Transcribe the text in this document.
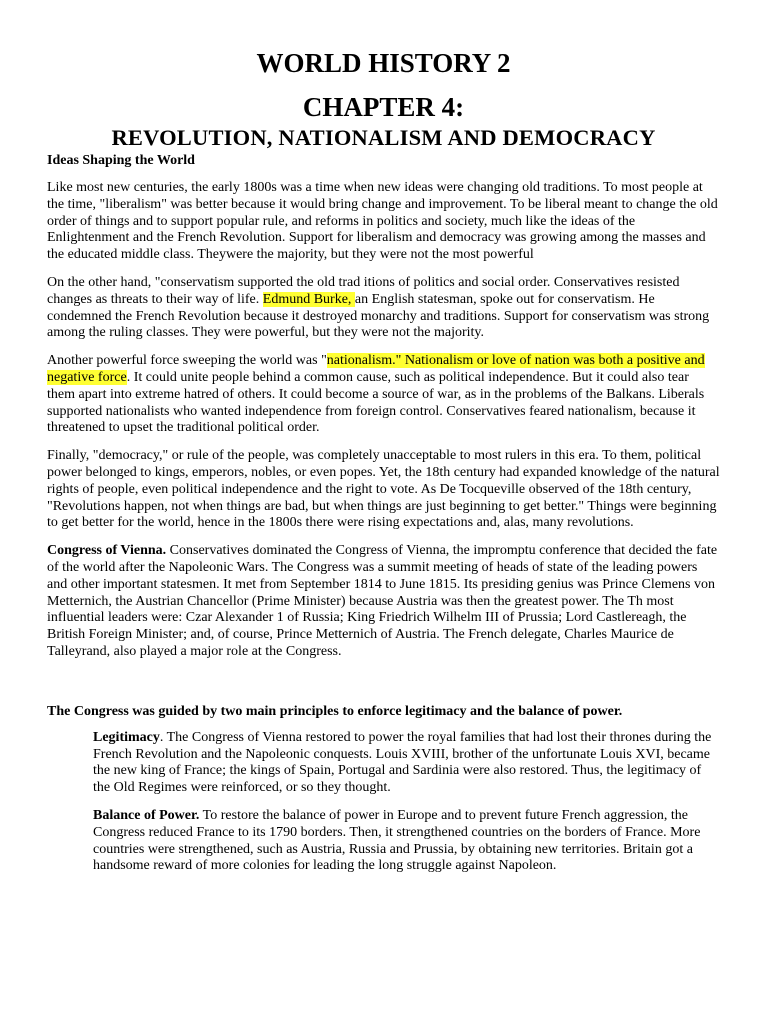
WORLD HISTORY 2
CHAPTER 4:
REVOLUTION, NATIONALISM AND DEMOCRACY
Ideas Shaping the World

Like most new centuries, the early 1800s was a time when new ideas were changing old traditions. To most people at the time, "liberalism" was better because it would bring change and improvement. To be liberal meant to change the old order of things and to support popular rule, and reforms in politics and society, much like the ideas of the Enlightenment and the French Revolution. Support for liberalism and democracy was growing among the masses and the educated middle class. Theywere the majority, but they were not the most powerful

On the other hand, "conservatism supported the old trad itions of politics and social order. Conservatives resisted changes as threats to their way of life. Edmund Burke, an English statesman, spoke out for conservatism. He condemned the French Revolution because it destroyed monarchy and traditions. Support for conservatism was strong among the ruling classes. They were powerful, but they were not the majority.

Another powerful force sweeping the world was "nationalism." Nationalism or love of nation was both a positive and negative force. It could unite people behind a common cause, such as political independence. But it could also tear them apart into extreme hatred of others. It could become a source of war, as in the problems of the Balkans. Liberals supported nationalists who wanted independence from foreign control. Conservatives feared nationalism, because it threatened to upset the traditional political order.

Finally, "democracy," or rule of the people, was completely unacceptable to most rulers in this era. To them, political power belonged to kings, emperors, nobles, or even popes. Yet, the 18th century had expanded knowledge of the natural rights of people, even political independence and the right to vote. As De Tocqueville observed of the 18th century, "Revolutions happen, not when things are bad, but when things are just beginning to get better." Things were beginning to get better for the world, hence in the 1800s there were rising expectations and, alas, many revolutions.

Congress of Vienna. Conservatives dominated the Congress of Vienna, the impromptu conference that decided the fate of the world after the Napoleonic Wars. The Congress was a summit meeting of heads of state of the leading powers and other important statesmen. It met from September 1814 to June 1815. Its presiding genius was Prince Clemens von Metternich, the Austrian Chancellor (Prime Minister) because Austria was then the greatest power. The Th most influential leaders were: Czar Alexander 1 of Russia; King Friedrich Wilhelm III of Prussia; Lord Castlereagh, the British Foreign Minister; and, of course, Prince Metternich of Austria. The French delegate, Charles Maurice de Talleyrand, also played a major role at the Congress.

The Congress was guided by two main principles to enforce legitimacy and the balance of power.

Legitimacy. The Congress of Vienna restored to power the royal families that had lost their thrones during the French Revolution and the Napoleonic conquests. Louis XVIII, brother of the unfortunate Louis XVI, became the new king of France; the kings of Spain, Portugal and Sardinia were also restored. Thus, the legitimacy of the Old Regimes were reinforced, or so they thought.

Balance of Power. To restore the balance of power in Europe and to prevent future French aggression, the Congress reduced France to its 1790 borders. Then, it strengthened countries on the borders of France. More countries were strengthened, such as Austria, Russia and Prussia, by obtaining new territories. Britain got a handsome reward of more colonies for leading the long struggle against Napoleon.
